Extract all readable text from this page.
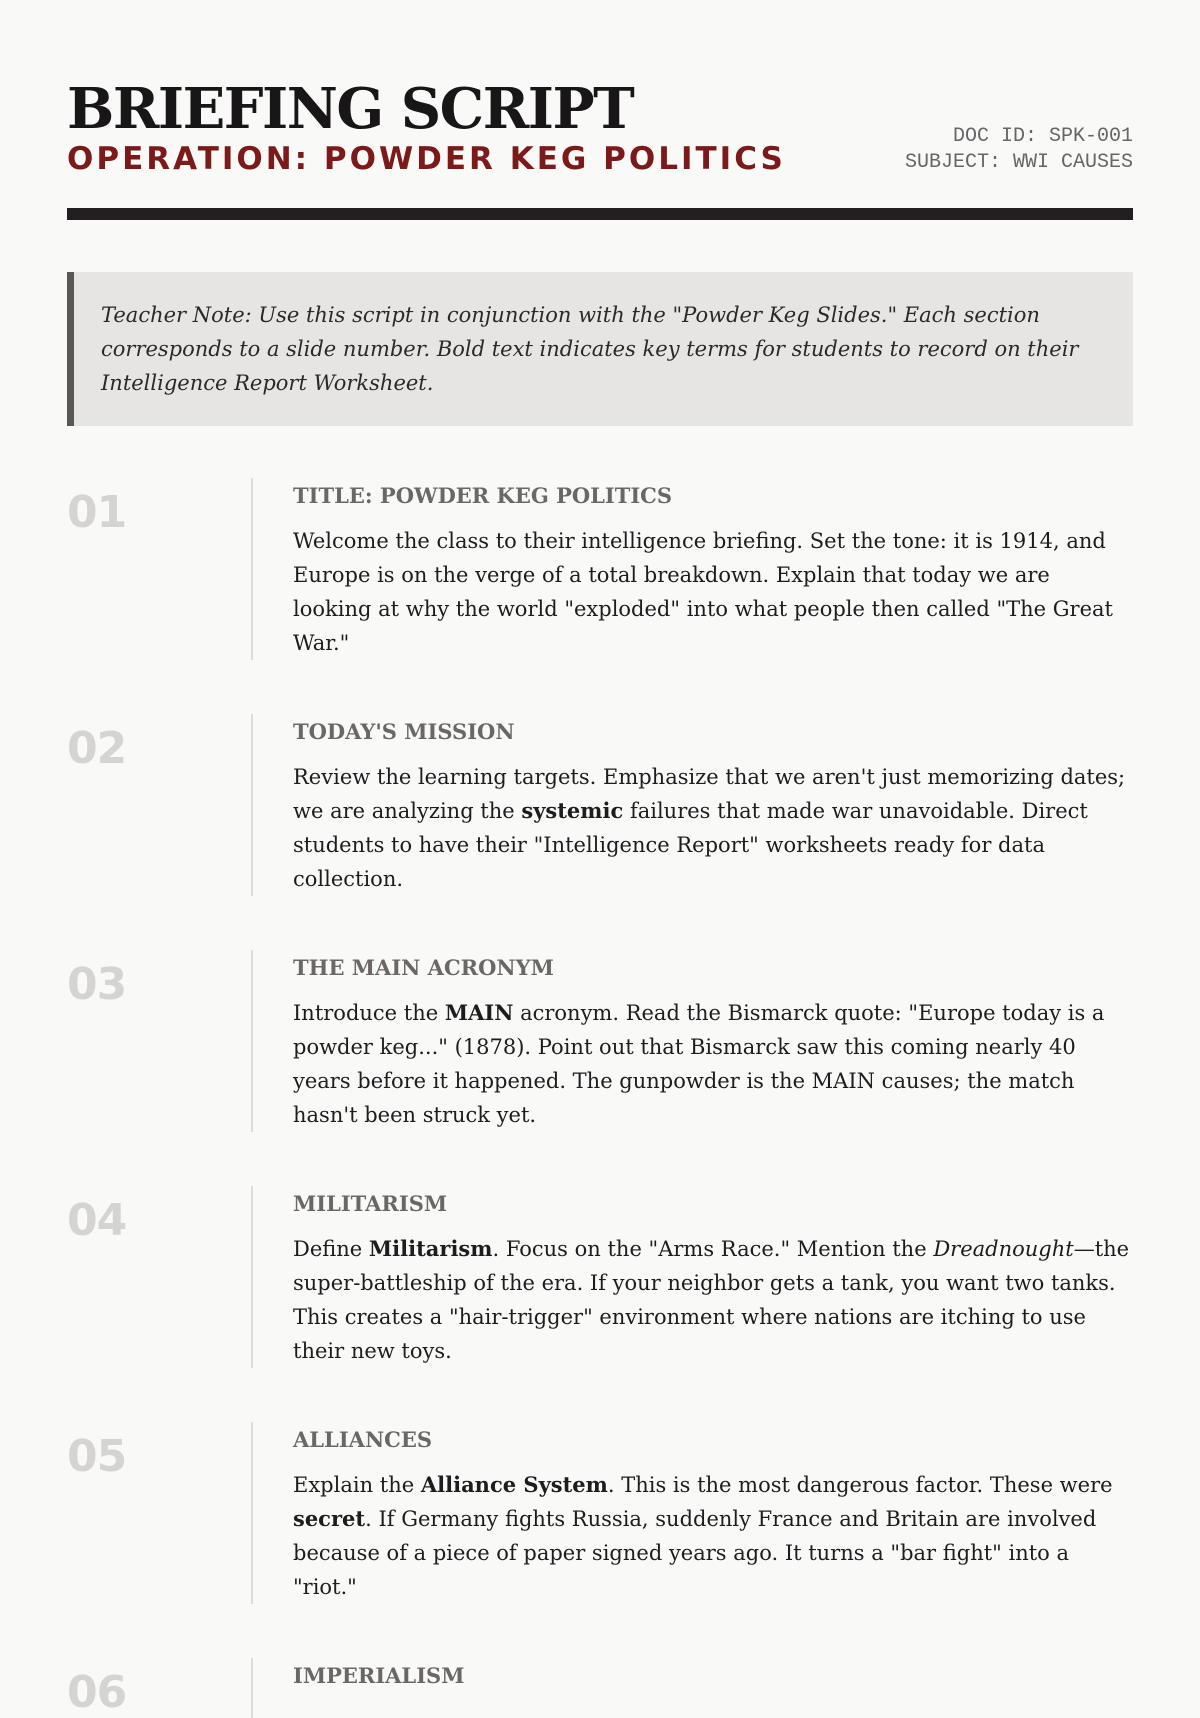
BRIEFING SCRIPT
OPERATION: POWDER KEG POLITICS
DOC ID: SPK-001
SUBJECT: WWI CAUSES
Teacher Note: Use this script in conjunction with the "Powder Keg Slides." Each section corresponds to a slide number. Bold text indicates key terms for students to record on their Intelligence Report Worksheet.
01	TITLE: POWDER KEG POLITICS

Welcome the class to their intelligence briefing. Set the tone: it is 1914, and Europe is on the verge of a total breakdown. Explain that today we are looking at why the world "exploded" into what people then called "The Great War."

02	TODAY'S MISSION

Review the learning targets. Emphasize that we aren't just memorizing dates; we are analyzing the systemic failures that made war unavoidable. Direct students to have their "Intelligence Report" worksheets ready for data collection.

03	THE MAIN ACRONYM

Introduce the MAIN acronym. Read the Bismarck quote: "Europe today is a powder keg..." (1878). Point out that Bismarck saw this coming nearly 40 years before it happened. The gunpowder is the MAIN causes; the match hasn't been struck yet.

04	MILITARISM

Define Militarism. Focus on the "Arms Race." Mention the Dreadnought—the super-battleship of the era. If your neighbor gets a tank, you want two tanks. This creates a "hair-trigger" environment where nations are itching to use their new toys.

05	ALLIANCES

Explain the Alliance System. This is the most dangerous factor. These were secret. If Germany fights Russia, suddenly France and Britain are involved because of a piece of paper signed years ago. It turns a "bar fight" into a "riot."

06	IMPERIALISM
